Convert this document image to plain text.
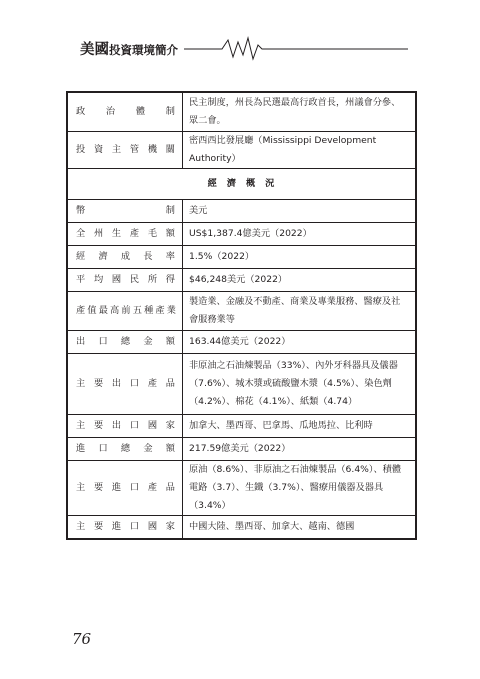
美國投資環境簡介
政治體制	民主制度，州長為民選最高行政首長，州議會分參、眾二會。
投資主管機關	密西西比發展廳（Mississippi Development Authority）
經濟概況	
幣制	美元
全州生產毛額	US$1,387.4億美元（2022）
經濟成長率	1.5%（2022）
平均國民所得	$46,248美元（2022）
產值最高前五種產業	製造業、金融及不動產、商業及專業服務、醫療及社會服務業等
出口總金額	163.44億美元（2022）
主要出口產品	非原油之石油煉製品（33%）、內外牙科器具及儀器（7.6%）、城木漿或硫酸鹽木漿（4.5%）、染色劑（4.2%）、棉花（4.1%）、紙類（4.74）
主要出口國家	加拿大、墨西哥、巴拿馬、瓜地馬拉、比利時
進口總金額	217.59億美元（2022）
主要進口產品	原油（8.6%）、非原油之石油煉製品（6.4%）、積體電路（3.7）、生鐵（3.7%）、醫療用儀器及器具（3.4%）
主要進口國家	中國大陸、墨西哥、加拿大、越南、德國
76
